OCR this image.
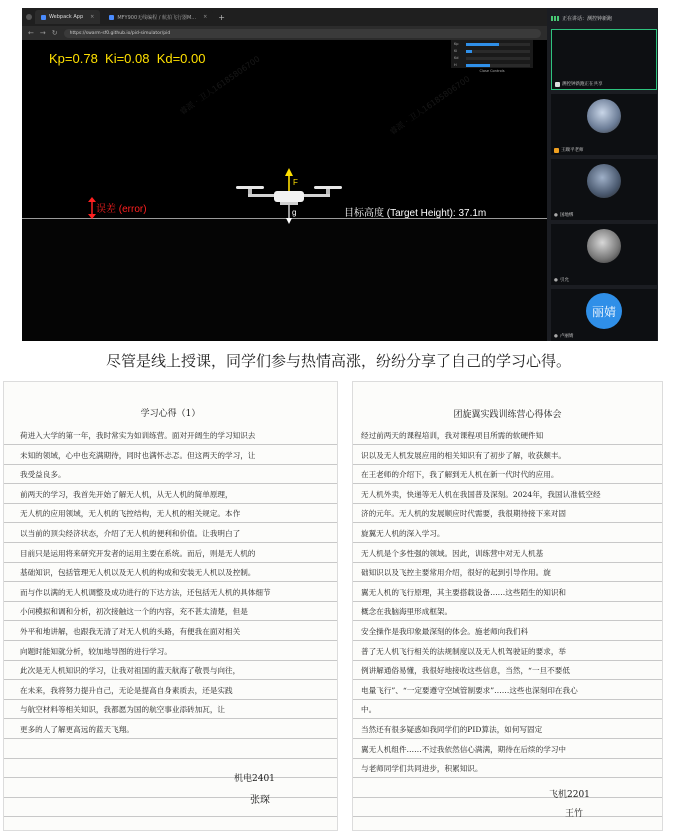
Webpack App ×	MFY900无线编程 / 航拍飞行器M... × +
← → ↻	https://swarm-sf0.github.io/pid-simulator/pid
睿派 · 卫人16185806700	睿派 · 卫人16185806700
Kp=0.78  Ki=0.08  Kd=0.00
Kp
Ki
Kd
H
Close Controls
误差 (error)
F
g	目标高度 (Target Height): 37.1m
正在讲话：测控钟新跑
测控钟新跑正在共享
王踹平老师
● 国地绑
● 引允
丽婧
● 卢丽婧
尽管是线上授课，同学们参与热情高涨，纷纷分享了自己的学习心得。
学习心得（1）
荷进入大学的第一年，我时常实为如训练营。面对开阔生的学习知识去
未知的领域，心中也充满期待，同时也满怀忐忑。但这两天的学习，让
我受益良多。
前两天的学习，我首先开始了解无人机，从无人机的简单原理，
无人机的应用领域，无人机的飞控结构，无人机的相关规定。本作
以当前的顶尖经济状态，介绍了无人机的便利和价值。让我明白了
目前只是运用将来研究开发者的运用主要在系统。而后，则是无人机的
基础知识，包括管理无人机以及无人机的构成和安装无人机以及控制。
而与作以满的无人机调整及成功进行的下达方法，还包括无人机的具体细节
小问模拟和调和分析，初次接触这一个的内容，充不甚太清楚，但是
外平和地讲解，也跟我无清了对无人机的头路，有便我在面对相关
向题时能知就分析，较加地导图的进行学习。
此次是无人机知识的学习，让我对祖国的蓝天航海了敬畏与向往，
在未来，我将努力提升自己，无论是提高自身素质去，还是实践
与航空材料等相关知识，我都愿为国的航空事业添砖加瓦，让
更多的人了解更高远的蓝天飞翔。
机电2401
张琛
团旋翼实践训练营心得体会
经过前两天的课程培训，我对课程项目所需的软硬件知
识以及无人机发展应用的相关知识有了初步了解，收获颇丰。
在王老师的介绍下，我了解到无人机在新一代时代的应用。
无人机外卖，快递等无人机在我国普及深刻。2024年，我国认准低空经
济的元年。无人机的发展顺应时代需要，我很期待接下来对固
旋翼无人机的深入学习。
无人机是个多性强的领域。因此，训练营中对无人机基
础知识以及飞控主要常用介绍，很好的起到引导作用。旋
翼无人机的飞行原理，其主要搭载设备……这些陌生的知识和
概念在我脑海里形成框架。
安全操作是我印象最深刻的体会。施老师向我们科
普了无人机飞行相关的法规制度以及无人机驾驶证的要求，举
例讲解通俗易懂，我很好地接收这些信息，当然，“一旦不要低
电量飞行”、“一定要遵守空域管制要求”……这些也深刻印在我心
中。
当然还有很多疑惑如我同学们的PID算法，如何写固定
翼无人机组件……不过我依然信心满满，期待在后续的学习中
与老师同学们共同进步，积累知识。
飞机2201
王竹
